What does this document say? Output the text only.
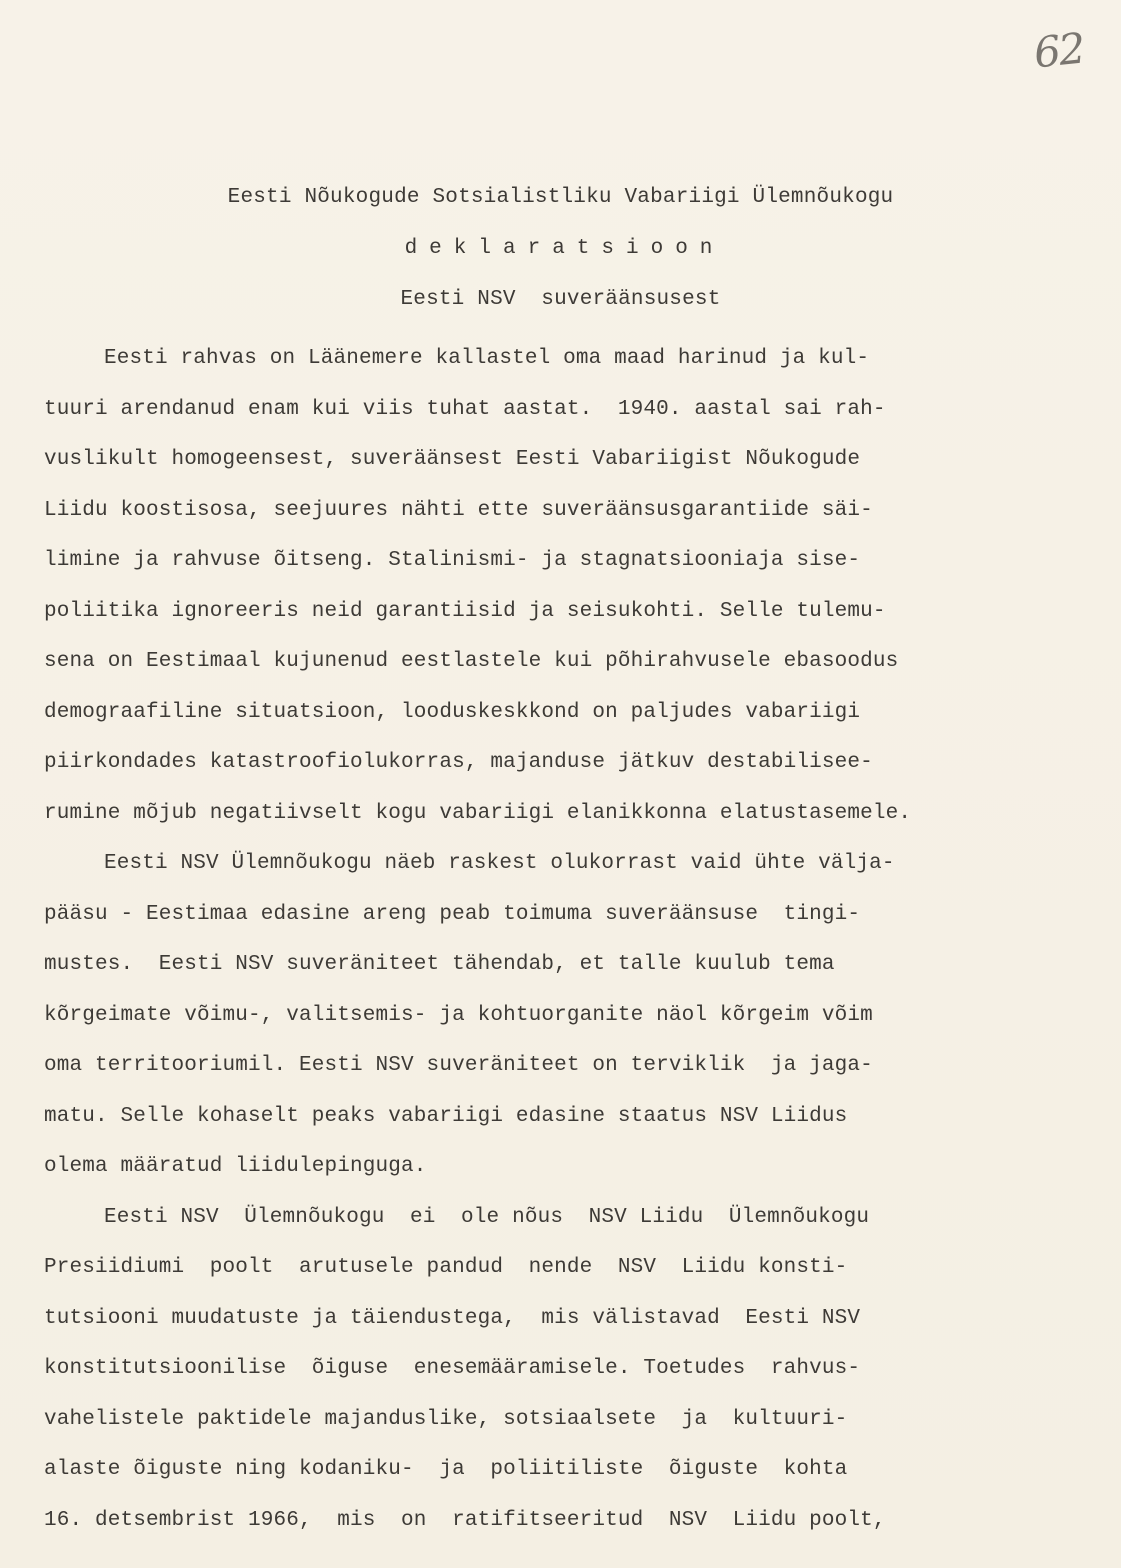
62
Eesti Nõukogude Sotsialistliku Vabariigi Ülemnõukogu
deklaratsioon
Eesti NSV  suveräänsusest
Eesti rahvas on Läänemere kallastel oma maad harinud ja kul-
tuuri arendanud enam kui viis tuhat aastat.  1940. aastal sai rah-
vuslikult homogeensest, suveräänsest Eesti Vabariigist Nõukogude
Liidu koostisosa, seejuures nähti ette suveräänsusgarantiide säi-
limine ja rahvuse õitseng. Stalinismi- ja stagnatsiooniaja sise-
poliitika ignoreeris neid garantiisid ja seisukohti. Selle tulemu-
sena on Eestimaal kujunenud eestlastele kui põhirahvusele ebasoodus
demograafiline situatsioon, looduskeskkond on paljudes vabariigi
piirkondades katastroofiolukorras, majanduse jätkuv destabilisee-
rumine mõjub negatiivselt kogu vabariigi elanikkonna elatustasemele.
Eesti NSV Ülemnõukogu näeb raskest olukorrast vaid ühte välja-
pääsu - Eestimaa edasine areng peab toimuma suveräänsuse  tingi-
mustes.  Eesti NSV suveräniteet tähendab, et talle kuulub tema
kõrgeimate võimu-, valitsemis- ja kohtuorganite näol kõrgeim võim
oma territooriumil. Eesti NSV suveräniteet on terviklik  ja jaga-
matu. Selle kohaselt peaks vabariigi edasine staatus NSV Liidus
olema määratud liidulepinguga.
Eesti NSV  Ülemnõukogu  ei  ole nõus  NSV Liidu  Ülemnõukogu
Presiidiumi  poolt  arutusele pandud  nende  NSV  Liidu konsti-
tutsiooni muudatuste ja täiendustega,  mis välistavad  Eesti NSV
konstitutsioonilise  õiguse  enesemääramisele. Toetudes  rahvus-
vahelistele paktidele majanduslike, sotsiaalsete  ja  kultuuri-
alaste õiguste ning kodaniku-  ja  poliitiliste  õiguste  kohta
16. detsembrist 1966,  mis  on  ratifitseeritud  NSV  Liidu poolt,
